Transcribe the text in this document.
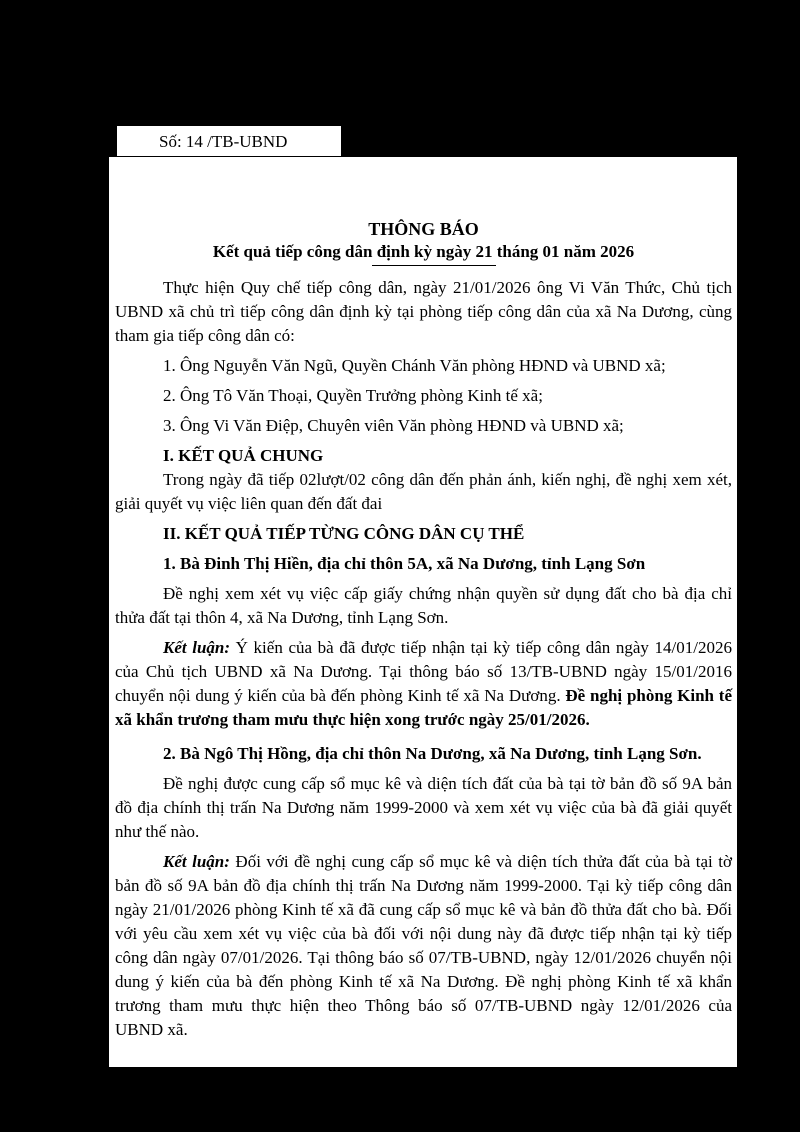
Số: 14 /TB-UBND
THÔNG BÁO
Kết quả tiếp công dân định kỳ ngày 21 tháng 01 năm 2026

Thực hiện Quy chế tiếp công dân, ngày 21/01/2026 ông Vi Văn Thức, Chủ tịch UBND xã chủ trì tiếp công dân định kỳ tại phòng tiếp công dân của xã Na Dương, cùng tham gia tiếp công dân có:

1. Ông Nguyễn Văn Ngũ, Quyền Chánh Văn phòng HĐND và UBND xã;

2. Ông Tô Văn Thoại, Quyền Trưởng phòng Kinh tế xã;

3. Ông Vi Văn Điệp, Chuyên viên Văn phòng HĐND và UBND xã;

I. KẾT QUẢ CHUNG

Trong ngày đã tiếp 02lượt/02 công dân đến phản ánh, kiến nghị, đề nghị xem xét, giải quyết vụ việc liên quan đến đất đai

II. KẾT QUẢ TIẾP TỪNG CÔNG DÂN CỤ THỂ

1. Bà Đinh Thị Hiền, địa chỉ thôn 5A, xã Na Dương, tỉnh Lạng Sơn

Đề nghị xem xét vụ việc cấp giấy chứng nhận quyền sử dụng đất cho bà địa chỉ thửa đất tại thôn 4, xã Na Dương, tỉnh Lạng Sơn.

Kết luận: Ý kiến của bà đã được tiếp nhận tại kỳ tiếp công dân ngày 14/01/2026 của Chủ tịch UBND xã Na Dương. Tại thông báo số 13/TB-UBND ngày 15/01/2016 chuyển nội dung ý kiến của bà đến phòng Kinh tế xã Na Dương. Đề nghị phòng Kinh tế xã khẩn trương tham mưu thực hiện xong trước ngày 25/01/2026.

2. Bà Ngô Thị Hồng, địa chỉ thôn Na Dương, xã Na Dương, tỉnh Lạng Sơn.

Đề nghị được cung cấp sổ mục kê và diện tích đất của bà tại tờ bản đồ số 9A bản đồ địa chính thị trấn Na Dương năm 1999-2000 và xem xét vụ việc của bà đã giải quyết như thế nào.

Kết luận: Đối với đề nghị cung cấp sổ mục kê và diện tích thửa đất của bà tại tờ bản đồ số 9A bản đồ địa chính thị trấn Na Dương năm 1999-2000. Tại kỳ tiếp công dân ngày 21/01/2026 phòng Kinh tế xã đã cung cấp sổ mục kê và bản đồ thửa đất cho bà. Đối với yêu cầu xem xét vụ việc của bà đối với nội dung này đã được tiếp nhận tại kỳ tiếp công dân ngày 07/01/2026. Tại thông báo số 07/TB-UBND, ngày 12/01/2026 chuyển nội dung ý kiến của bà đến phòng Kinh tế xã Na Dương. Đề nghị phòng Kinh tế xã khẩn trương tham mưu thực hiện theo Thông báo số 07/TB-UBND ngày 12/01/2026 của UBND xã.
